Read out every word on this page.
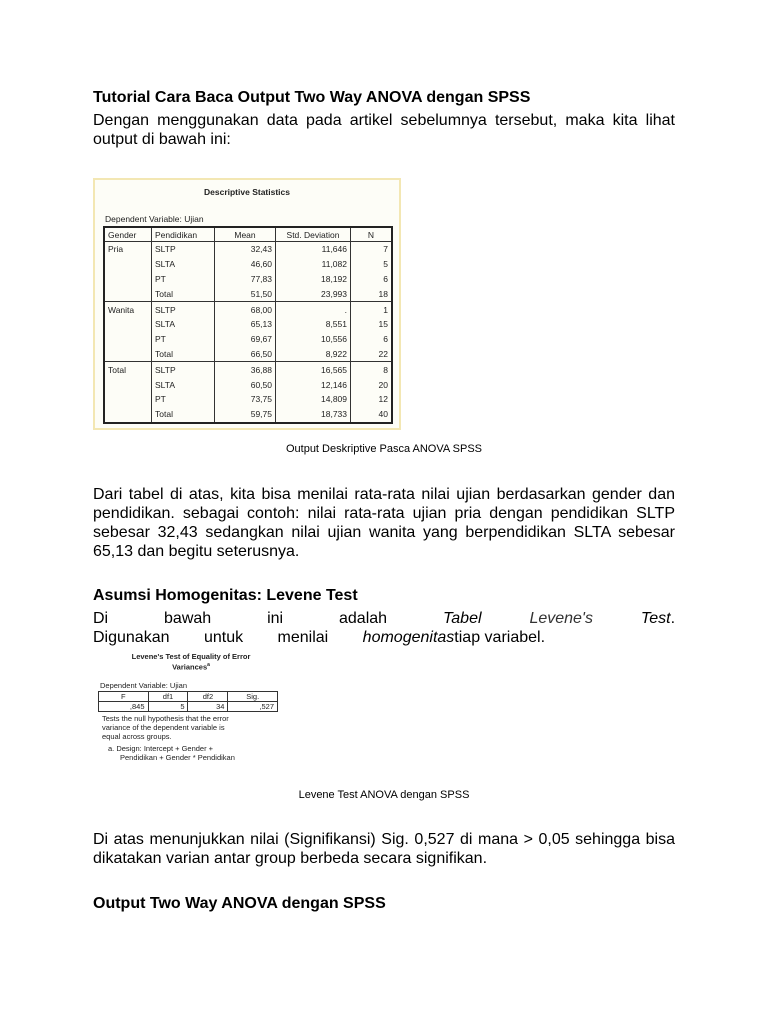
Tutorial Cara Baca Output Two Way ANOVA dengan SPSS

Dengan menggunakan data pada artikel sebelumnya tersebut, maka kita lihat output di bawah ini:

Output Deskriptive Pasca ANOVA SPSS

Dari tabel di atas, kita bisa menilai rata-rata nilai ujian berdasarkan gender dan pendidikan. sebagai contoh: nilai rata-rata ujian pria dengan pendidikan SLTP sebesar 32,43 sedangkan nilai ujian wanita yang berpendidikan SLTA sebesar 65,13 dan begitu seterusnya.

Asumsi Homogenitas: Levene Test

Di bawah ini adalah Tabel Levene's Test. Digunakan untuk menilai homogenitastiap variabel.

Levene Test ANOVA dengan SPSS

Di atas menunjukkan nilai (Signifikansi) Sig. 0,527 di mana > 0,05 sehingga bisa dikatakan varian antar group berbeda secara signifikan.

Output Two Way ANOVA dengan SPSS
Descriptive Statistics
Dependent Variable: Ujian
Gender	Pendidikan	Mean	Std. Deviation	N
Pria	SLTP	32,43	11,646	7
	SLTA	46,60	11,082	5
	PT	77,83	18,192	6
	Total	51,50	23,993	18
Wanita	SLTP	68,00	.	1
	SLTA	65,13	8,551	15
	PT	69,67	10,556	6
	Total	66,50	8,922	22
Total	SLTP	36,88	16,565	8
	SLTA	60,50	12,146	20
	PT	73,75	14,809	12
	Total	59,75	18,733	40
Levene's Test of Equality of Error
Variances$^a$
Dependent Variable: Ujian
F	df1	df2	Sig.
,845	5	34	,527
Tests the null hypothesis that the error variance of the dependent variable is equal across groups.
a. Design: Intercept + Gender +
Pendidikan + Gender * Pendidikan
